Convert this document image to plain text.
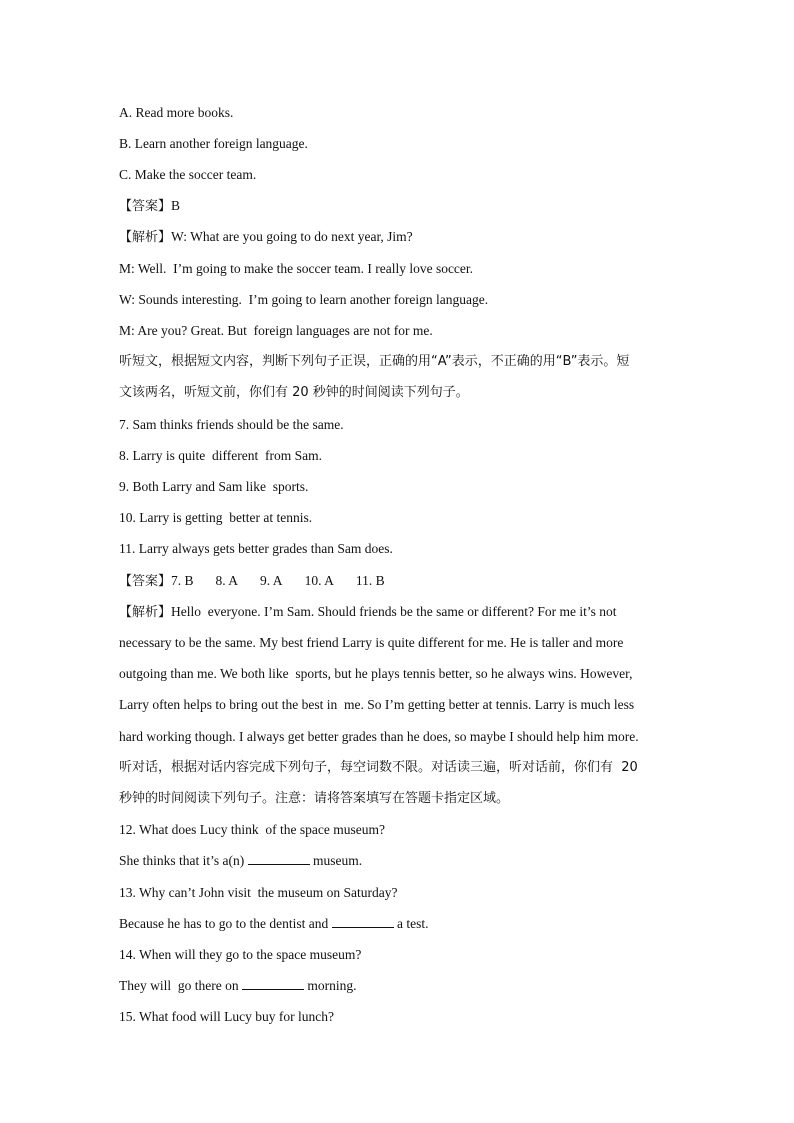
A. Read more books.
B. Learn another foreign language.
C. Make the soccer team.
【答案】B
【解析】W: What are you going to do next year, Jim?
M: Well.  I’m going to make the soccer team. I really love soccer.
W: Sounds interesting.  I’m going to learn another foreign language.
M: Are you? Great. But  foreign languages are not for me.
听短文，根据短文内容，判断下列句子正误，正确的用“A”表示，不正确的用“B”表示。短
文该两名，听短文前，你们有 20 秒钟的时间阅读下列句子。
7. Sam thinks friends should be the same.
8. Larry is quite  different  from Sam.
9. Both Larry and Sam like  sports.
10. Larry is getting  better at tennis.
11. Larry always gets better grades than Sam does.
【答案】7. B 8. A 9. A 10. A 11. B
【解析】Hello  everyone. I’m Sam. Should friends be the same or different? For me it’s not
necessary to be the same. My best friend Larry is quite different for me. He is taller and more
outgoing than me. We both like  sports, but he plays tennis better, so he always wins. However,
Larry often helps to bring out the best in  me. So I’m getting better at tennis. Larry is much less
hard working though. I always get better grades than he does, so maybe I should help him more.
听对话，根据对话内容完成下列句子，每空词数不限。对话读三遍，听对话前，你们有  20
秒钟的时间阅读下列句子。注意：请将答案填写在答题卡指定区域。
12. What does Lucy think  of the space museum?
She thinks that it’s a(n)	museum.
13. Why can’t John visit  the museum on Saturday?
Because he has to go to the dentist and	a test.
14. When will they go to the space museum?
They will  go there on	morning.
15. What food will Lucy buy for lunch?
